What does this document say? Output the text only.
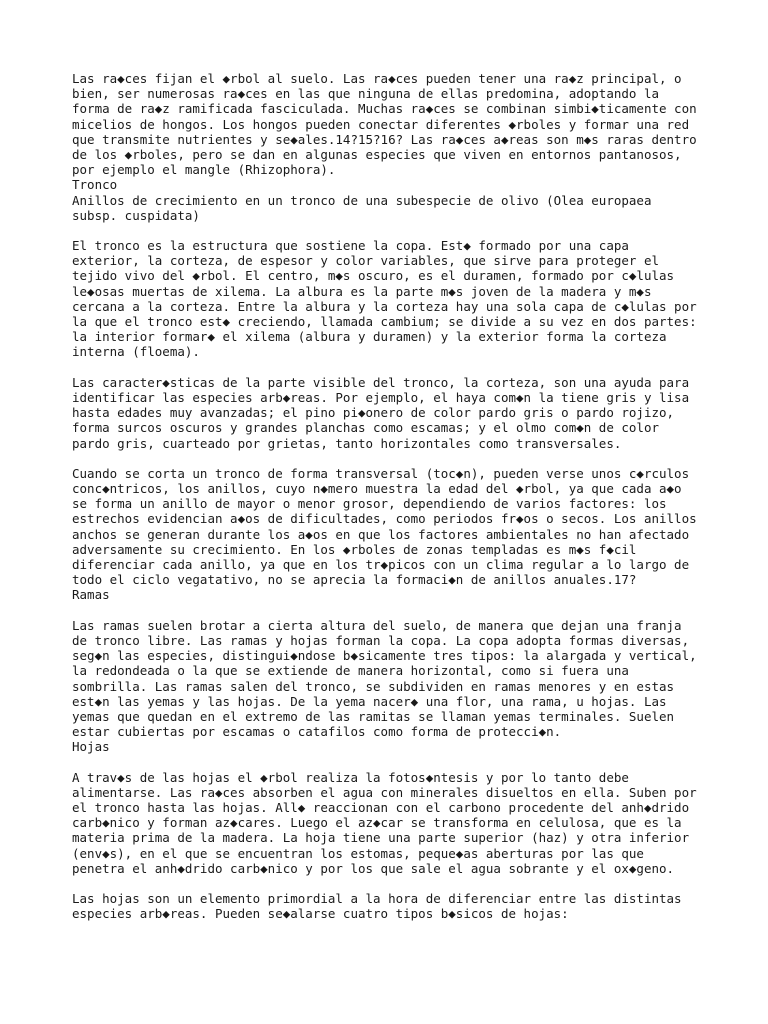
Las ra◆ces fijan el ◆rbol al suelo. Las ra◆ces pueden tener una ra◆z principal, o
bien, ser numerosas ra◆ces en las que ninguna de ellas predomina, adoptando la
forma de ra◆z ramificada fasciculada. Muchas ra◆ces se combinan simbi◆ticamente con
micelios de hongos. Los hongos pueden conectar diferentes ◆rboles y formar una red
que transmite nutrientes y se◆ales.14?15?16? Las ra◆ces a◆reas son m◆s raras dentro
de los ◆rboles, pero se dan en algunas especies que viven en entornos pantanosos,
por ejemplo el mangle (Rhizophora).
Tronco
Anillos de crecimiento en un tronco de una subespecie de olivo (Olea europaea
subsp. cuspidata)
El tronco es la estructura que sostiene la copa. Est◆ formado por una capa
exterior, la corteza, de espesor y color variables, que sirve para proteger el
tejido vivo del ◆rbol. El centro, m◆s oscuro, es el duramen, formado por c◆lulas
le◆osas muertas de xilema. La albura es la parte m◆s joven de la madera y m◆s
cercana a la corteza. Entre la albura y la corteza hay una sola capa de c◆lulas por
la que el tronco est◆ creciendo, llamada cambium; se divide a su vez en dos partes:
la interior formar◆ el xilema (albura y duramen) y la exterior forma la corteza
interna (floema).
Las caracter◆sticas de la parte visible del tronco, la corteza, son una ayuda para
identificar las especies arb◆reas. Por ejemplo, el haya com◆n la tiene gris y lisa
hasta edades muy avanzadas; el pino pi◆onero de color pardo gris o pardo rojizo,
forma surcos oscuros y grandes planchas como escamas; y el olmo com◆n de color
pardo gris, cuarteado por grietas, tanto horizontales como transversales.
Cuando se corta un tronco de forma transversal (toc◆n), pueden verse unos c◆rculos
conc◆ntricos, los anillos, cuyo n◆mero muestra la edad del ◆rbol, ya que cada a◆o
se forma un anillo de mayor o menor grosor, dependiendo de varios factores: los
estrechos evidencian a◆os de dificultades, como periodos fr◆os o secos. Los anillos
anchos se generan durante los a◆os en que los factores ambientales no han afectado
adversamente su crecimiento. En los ◆rboles de zonas templadas es m◆s f◆cil
diferenciar cada anillo, ya que en los tr◆picos con un clima regular a lo largo de
todo el ciclo vegatativo, no se aprecia la formaci◆n de anillos anuales.17?
Ramas
Las ramas suelen brotar a cierta altura del suelo, de manera que dejan una franja
de tronco libre. Las ramas y hojas forman la copa. La copa adopta formas diversas,
seg◆n las especies, distingui◆ndose b◆sicamente tres tipos: la alargada y vertical,
la redondeada o la que se extiende de manera horizontal, como si fuera una
sombrilla. Las ramas salen del tronco, se subdividen en ramas menores y en estas
est◆n las yemas y las hojas. De la yema nacer◆ una flor, una rama, u hojas. Las
yemas que quedan en el extremo de las ramitas se llaman yemas terminales. Suelen
estar cubiertas por escamas o catafilos como forma de protecci◆n.
Hojas
A trav◆s de las hojas el ◆rbol realiza la fotos◆ntesis y por lo tanto debe
alimentarse. Las ra◆ces absorben el agua con minerales disueltos en ella. Suben por
el tronco hasta las hojas. All◆ reaccionan con el carbono procedente del anh◆drido
carb◆nico y forman az◆cares. Luego el az◆car se transforma en celulosa, que es la
materia prima de la madera. La hoja tiene una parte superior (haz) y otra inferior
(env◆s), en el que se encuentran los estomas, peque◆as aberturas por las que
penetra el anh◆drido carb◆nico y por los que sale el agua sobrante y el ox◆geno.
Las hojas son un elemento primordial a la hora de diferenciar entre las distintas
especies arb◆reas. Pueden se◆alarse cuatro tipos b◆sicos de hojas:
